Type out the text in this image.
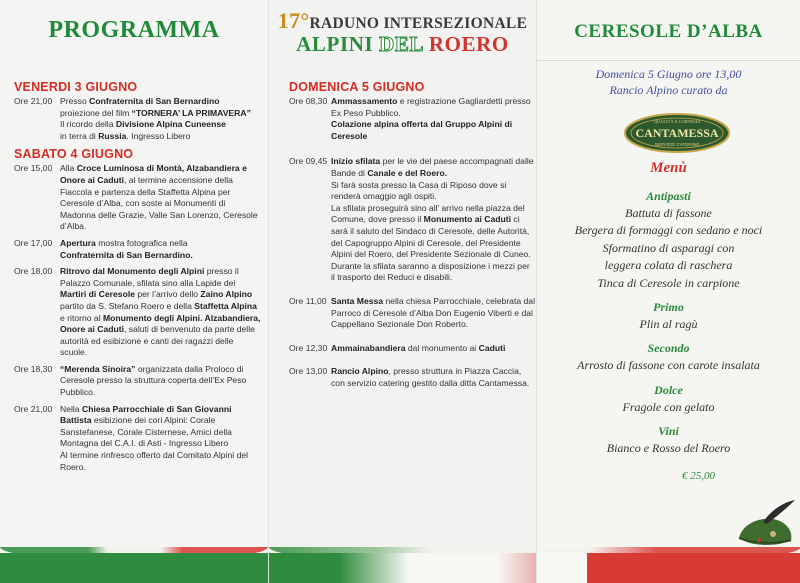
PROGRAMMA
VENERDI 3 GIUGNO
Ore 21,00 Presso Confraternita di San Bernardino
proiezione del film “TORNERA’ LA PRIMAVERA”
Il ricordo della Divisione Alpina Cuneense
in terra di Russia. Ingresso Libero
SABATO 4 GIUGNO
Ore 15,00 Alla Croce Luminosa di Montà, Alzabandiera e Onore ai Caduti, al termine accensione della Fiaccola e partenza della Staffetta Alpina per Ceresole d’Alba, con soste ai Monumenti di Madonna delle Grazie, Valle San Lorenzo, Ceresole d’Alba.
Ore 17,00 Apertura mostra fotografica nella
Confraternita di San Bernardino.
Ore 18,00 Ritrovo dal Monumento degli Alpini presso il Palazzo Comunale, sfilata sino alla Lapide dei Martiri di Ceresole per l’arrivo dello Zaino Alpino partito da S. Stefano Roero e della Staffetta Alpina e ritorno al Monumento degli Alpini. Alzabandiera, Onore ai Caduti, saluti di benvenuto da parte delle autorità ed esibizione e canti dei ragazzi delle scuole.
Ore 18,30 “Merenda Sinoira” organizzata dalla Proloco di Ceresole presso la struttura coperta dell’Ex Peso Pubblico.
Ore 21,00 Nella Chiesa Parrocchiale di San Giovanni Battista esibizione dei cori Alpini: Corale Sanstefanese, Corale Cisternese, Amici della Montagna del C.A.I. di Asti - Ingresso Libero
Al termine rinfresco offerto dal Comitato Alpini del Roero.
17°RADUNO INTERSEZIONALE
ALPINI DEL ROERO
DOMENICA 5 GIUGNO
Ore 08,30 Ammassamento e registrazione Gagliardetti presso Ex Peso Pubblico.
Colazione alpina offerta dal Gruppo Alpini di Ceresole
Ore 09,45 Inizio sfilata per le vie del paese accompagnati dalle Bande di Canale e del Roero.
Si farà sosta presso la Casa di Riposo dove si renderà omaggio agli ospiti.
La sfilata proseguirà sino all’ arrivo nella piazza del Comune, dove presso il Monumento ai Caduti ci sarà il saluto del Sindaco di Ceresole, delle Autorità, del Capogruppo Alpini di Ceresole, del Presidente Alpini del Roero, del Presidente Sezionale di Cuneo.
Durante la sfilata saranno a disposizione i mezzi per il trasporto dei Reduci e disabili.
Ore 11,00 Santa Messa nella chiesa Parrocchiale, celebrata dal Parroco di Ceresole d’Alba Don Eugenio Viberti e dal Cappellano Sezionale Don Roberto.
Ore 12,30 Ammainabandiera dal monumento ai Caduti
Ore 13,00 Rancio Alpino, presso struttura in Piazza Caccia, con servizio catering gestito dalla ditta Cantamessa.
CERESOLE D’ALBA
Domenica 5 Giugno ore 13,00
Rancio Alpino curato da
QUALITÀ E CORTESIA
CANTAMESSA
SERVIZIO CATERING
Menù
Antipasti
Battuta di fassone
Bergera di formaggi con sedano e noci
Sformatino di asparagi con
leggera colata di raschera
Tinca di Ceresole in carpione
Primo
Plin al ragù
Secondo
Arrosto di fassone con carote insalata
Dolce
Fragole con gelato
Vini
Bianco e Rosso del Roero
€ 25,00
